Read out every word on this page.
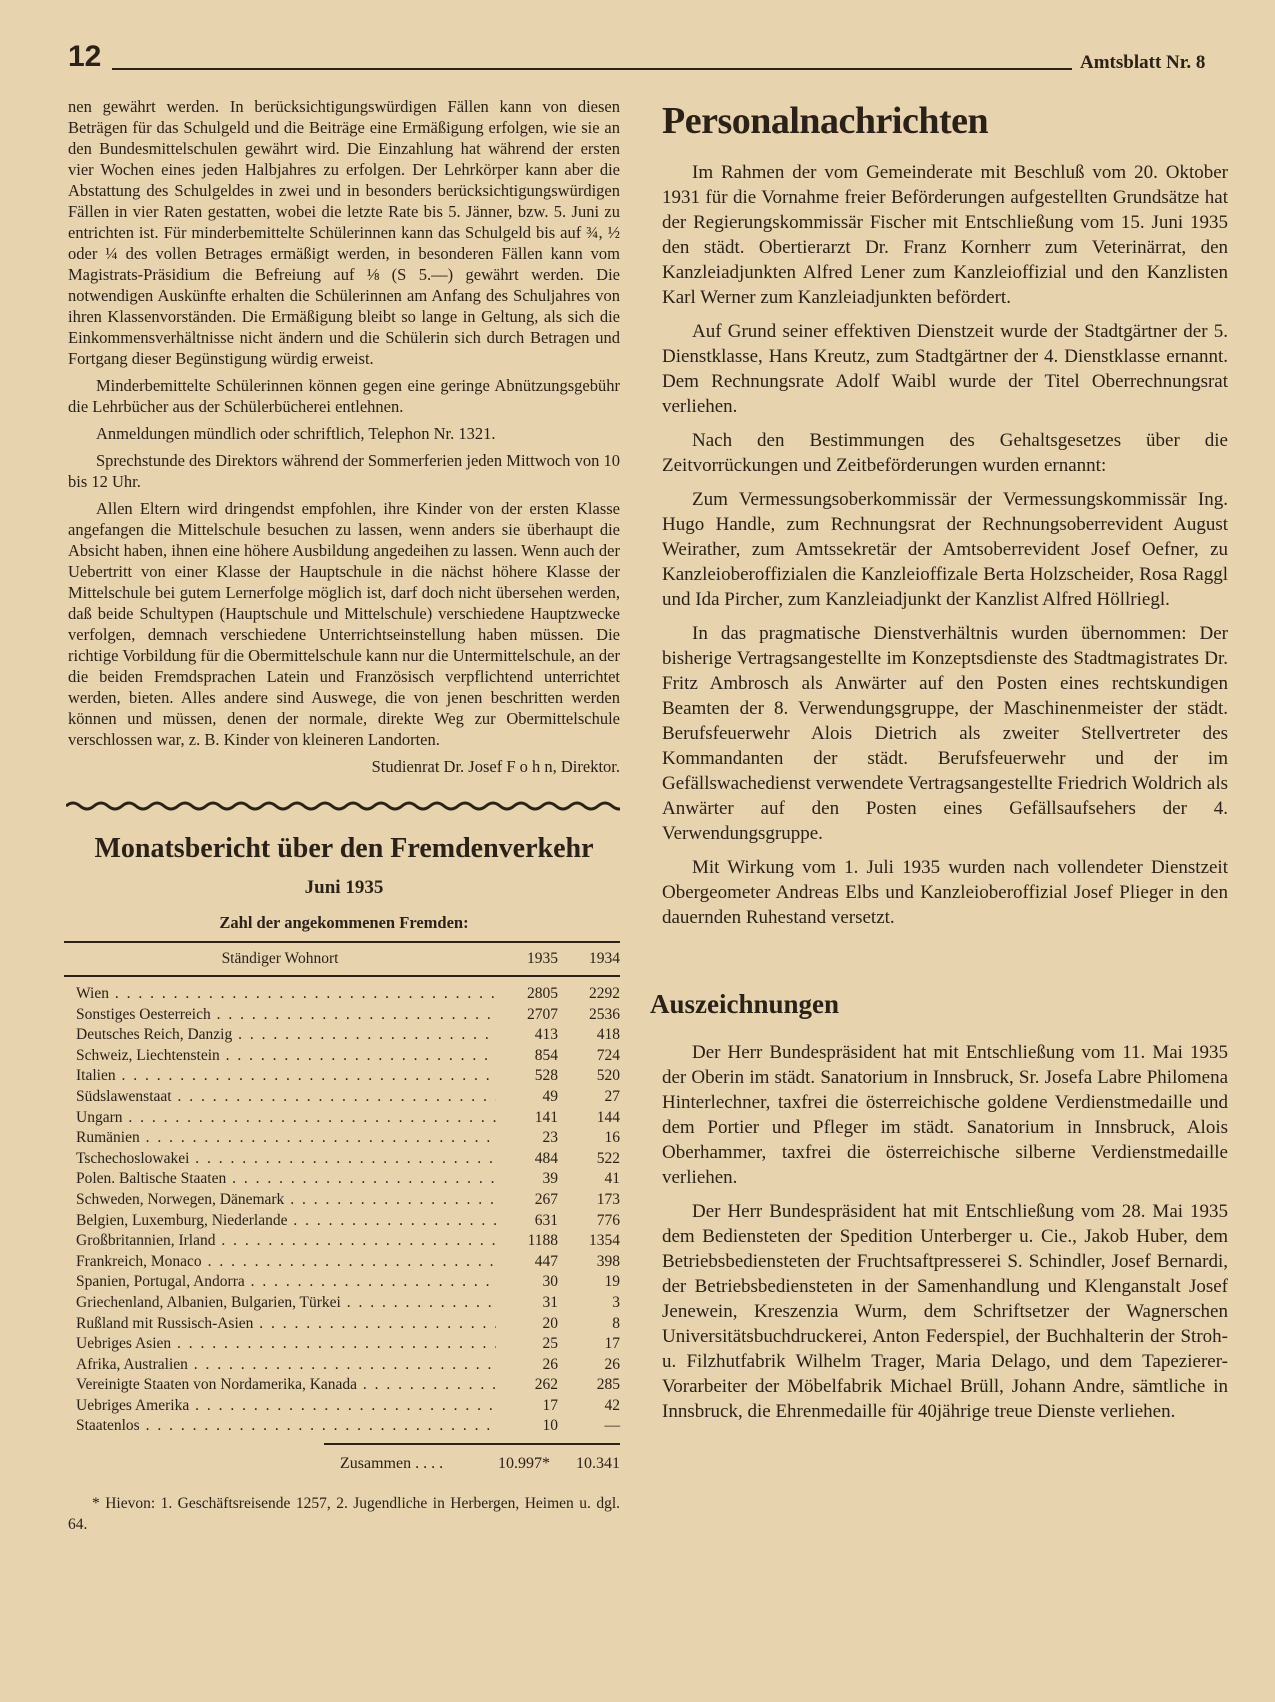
12	Amtsblatt Nr. 8

nen gewährt werden. In berücksichtigungswürdigen Fällen kann von diesen Beträgen für das Schulgeld und die Beiträge eine Ermäßigung erfolgen, wie sie an den Bundesmittelschulen gewährt wird. Die Einzahlung hat während der ersten vier Wochen eines jeden Halbjahres zu erfolgen. Der Lehrkörper kann aber die Abstattung des Schulgeldes in zwei und in besonders berücksichtigungswürdigen Fällen in vier Raten gestatten, wobei die letzte Rate bis 5. Jänner, bzw. 5. Juni zu entrichten ist. Für minderbemittelte Schülerinnen kann das Schulgeld bis auf ¾, ½ oder ¼ des vollen Betrages ermäßigt werden, in besonderen Fällen kann vom Magistrats-Präsidium die Befreiung auf ⅛ (S 5.—) gewährt werden. Die notwendigen Auskünfte erhalten die Schülerinnen am Anfang des Schuljahres von ihren Klassenvorständen. Die Ermäßigung bleibt so lange in Geltung, als sich die Einkommensverhältnisse nicht ändern und die Schülerin sich durch Betragen und Fortgang dieser Begünstigung würdig erweist.

Minderbemittelte Schülerinnen können gegen eine geringe Abnützungsgebühr die Lehrbücher aus der Schülerbücherei entlehnen.

Anmeldungen mündlich oder schriftlich, Telephon Nr. 1321.

Sprechstunde des Direktors während der Sommerferien jeden Mittwoch von 10 bis 12 Uhr.

Allen Eltern wird dringendst empfohlen, ihre Kinder von der ersten Klasse angefangen die Mittelschule besuchen zu lassen, wenn anders sie überhaupt die Absicht haben, ihnen eine höhere Ausbildung angedeihen zu lassen. Wenn auch der Uebertritt von einer Klasse der Hauptschule in die nächst höhere Klasse der Mittelschule bei gutem Lernerfolge möglich ist, darf doch nicht übersehen werden, daß beide Schultypen (Hauptschule und Mittelschule) verschiedene Hauptzwecke verfolgen, demnach verschiedene Unterrichtseinstellung haben müssen. Die richtige Vorbildung für die Obermittelschule kann nur die Untermittelschule, an der die beiden Fremdsprachen Latein und Französisch verpflichtend unterrichtet werden, bieten. Alles andere sind Auswege, die von jenen beschritten werden können und müssen, denen der normale, direkte Weg zur Obermittelschule verschlossen war, z. B. Kinder von kleineren Landorten.

Studienrat Dr. Josef F o h n, Direktor.

Monatsbericht über den Fremdenverkehr
Juni 1935
Zahl der angekommenen Fremden:
Ständiger Wohnort	1935	1934
Wien . . .	2805	2292
Sonstiges Oesterreich . . .	2707	2536
Deutsches Reich, Danzig . . .	413	418
Schweiz, Liechtenstein . . .	854	724
Italien . . .	528	520
Südslawenstaat . . .	49	27
Ungarn . . .	141	144
Rumänien . . .	23	16
Tschechoslowakei . . .	484	522
Polen. Baltische Staaten . . .	39	41
Schweden, Norwegen, Dänemark . . .	267	173
Belgien, Luxemburg, Niederlande . . .	631	776
Großbritannien, Irland . . .	1188	1354
Frankreich, Monaco . . .	447	398
Spanien, Portugal, Andorra . . .	30	19
Griechenland, Albanien, Bulgarien, Türkei . . .	31	3
Rußland mit Russisch-Asien . . .	20	8
Uebriges Asien . . .	25	17
Afrika, Australien . . .	26	26
Vereinigte Staaten von Nordamerika, Kanada . . .	262	285
Uebriges Amerika . . .	17	42
Staatenlos . . .	10	—
Zusammen . . . .	10.997*	10.341
* Hievon: 1. Geschäftsreisende 1257, 2. Jugendliche in Herbergen, Heimen u. dgl. 64.
Personalnachrichten

Im Rahmen der vom Gemeinderate mit Beschluß vom 20. Oktober 1931 für die Vornahme freier Beförderungen aufgestellten Grundsätze hat der Regierungskommissär Fischer mit Entschließung vom 15. Juni 1935 den städt. Obertierarzt Dr. Franz Kornherr zum Veterinärrat, den Kanzleiadjunkten Alfred Lener zum Kanzleioffizial und den Kanzlisten Karl Werner zum Kanzleiadjunkten befördert.

Auf Grund seiner effektiven Dienstzeit wurde der Stadtgärtner der 5. Dienstklasse, Hans Kreutz, zum Stadtgärtner der 4. Dienstklasse ernannt. Dem Rechnungsrate Adolf Waibl wurde der Titel Oberrechnungsrat verliehen.

Nach den Bestimmungen des Gehaltsgesetzes über die Zeitvorrückungen und Zeitbeförderungen wurden ernannt:

Zum Vermessungsoberkommissär der Vermessungskommissär Ing. Hugo Handle, zum Rechnungsrat der Rechnungsoberrevident August Weirather, zum Amtssekretär der Amtsoberrevident Josef Oefner, zu Kanzleioberoffizialen die Kanzleioffizale Berta Holzscheider, Rosa Raggl und Ida Pircher, zum Kanzleiadjunkt der Kanzlist Alfred Höllriegl.

In das pragmatische Dienstverhältnis wurden übernommen: Der bisherige Vertragsangestellte im Konzeptsdienste des Stadtmagistrates Dr. Fritz Ambrosch als Anwärter auf den Posten eines rechtskundigen Beamten der 8. Verwendungsgruppe, der Maschinenmeister der städt. Berufsfeuerwehr Alois Dietrich als zweiter Stellvertreter des Kommandanten der städt. Berufsfeuerwehr und der im Gefällswachedienst verwendete Vertragsangestellte Friedrich Woldrich als Anwärter auf den Posten eines Gefällsaufsehers der 4. Verwendungsgruppe.

Mit Wirkung vom 1. Juli 1935 wurden nach vollendeter Dienstzeit Obergeometer Andreas Elbs und Kanzleioberoffizial Josef Plieger in den dauernden Ruhestand versetzt.

Auszeichnungen

Der Herr Bundespräsident hat mit Entschließung vom 11. Mai 1935 der Oberin im städt. Sanatorium in Innsbruck, Sr. Josefa Labre Philomena Hinterlechner, taxfrei die österreichische goldene Verdienstmedaille und dem Portier und Pfleger im städt. Sanatorium in Innsbruck, Alois Oberhammer, taxfrei die österreichische silberne Verdienstmedaille verliehen.

Der Herr Bundespräsident hat mit Entschließung vom 28. Mai 1935 dem Bediensteten der Spedition Unterberger u. Cie., Jakob Huber, dem Betriebsbediensteten der Fruchtsaftpresserei S. Schindler, Josef Bernardi, der Betriebsbediensteten in der Samenhandlung und Klenganstalt Josef Jenewein, Kreszenzia Wurm, dem Schriftsetzer der Wagnerschen Universitätsbuchdruckerei, Anton Federspiel, der Buchhalterin der Stroh- u. Filzhutfabrik Wilhelm Trager, Maria Delago, und dem Tapezierer-Vorarbeiter der Möbelfabrik Michael Brüll, Johann Andre, sämtliche in Innsbruck, die Ehrenmedaille für 40jährige treue Dienste verliehen.
